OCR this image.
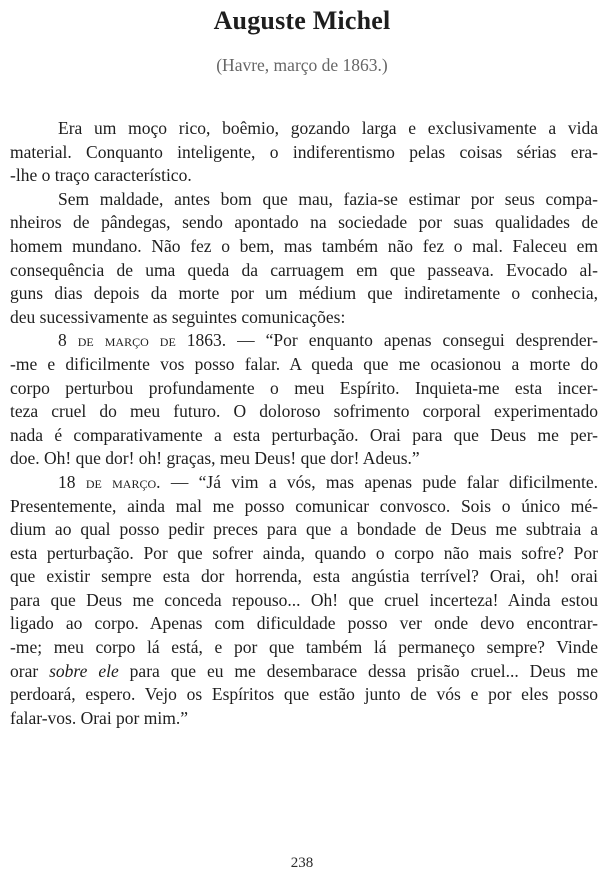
Auguste Michel
(Havre, março de 1863.)
Era um moço rico, boêmio, gozando larga e exclusivamente a vida
material. Conquanto inteligente, o indiferentismo pelas coisas sérias era-
-lhe o traço característico.
Sem maldade, antes bom que mau, fazia-se estimar por seus compa-
nheiros de pândegas, sendo apontado na sociedade por suas qualidades de
homem mundano. Não fez o bem, mas também não fez o mal. Faleceu em
consequência de uma queda da carruagem em que passeava. Evocado al-
guns dias depois da morte por um médium que indiretamente o conhecia,
deu sucessivamente as seguintes comunicações:
8 de março de 1863. — “Por enquanto apenas consegui desprender-
-me e dificilmente vos posso falar. A queda que me ocasionou a morte do
corpo perturbou profundamente o meu Espírito. Inquieta-me esta incer-
teza cruel do meu futuro. O doloroso sofrimento corporal experimentado
nada é comparativamente a esta perturbação. Orai para que Deus me per-
doe. Oh! que dor! oh! graças, meu Deus! que dor! Adeus.”
18 de março. — “Já vim a vós, mas apenas pude falar dificilmente.
Presentemente, ainda mal me posso comunicar convosco. Sois o único mé-
dium ao qual posso pedir preces para que a bondade de Deus me subtraia a
esta perturbação. Por que sofrer ainda, quando o corpo não mais sofre? Por
que existir sempre esta dor horrenda, esta angústia terrível? Orai, oh! orai
para que Deus me conceda repouso... Oh! que cruel incerteza! Ainda estou
ligado ao corpo. Apenas com dificuldade posso ver onde devo encontrar-
-me; meu corpo lá está, e por que também lá permaneço sempre? Vinde
orar sobre ele para que eu me desembarace dessa prisão cruel... Deus me
perdoará, espero. Vejo os Espíritos que estão junto de vós e por eles posso
falar-vos. Orai por mim.”
238
